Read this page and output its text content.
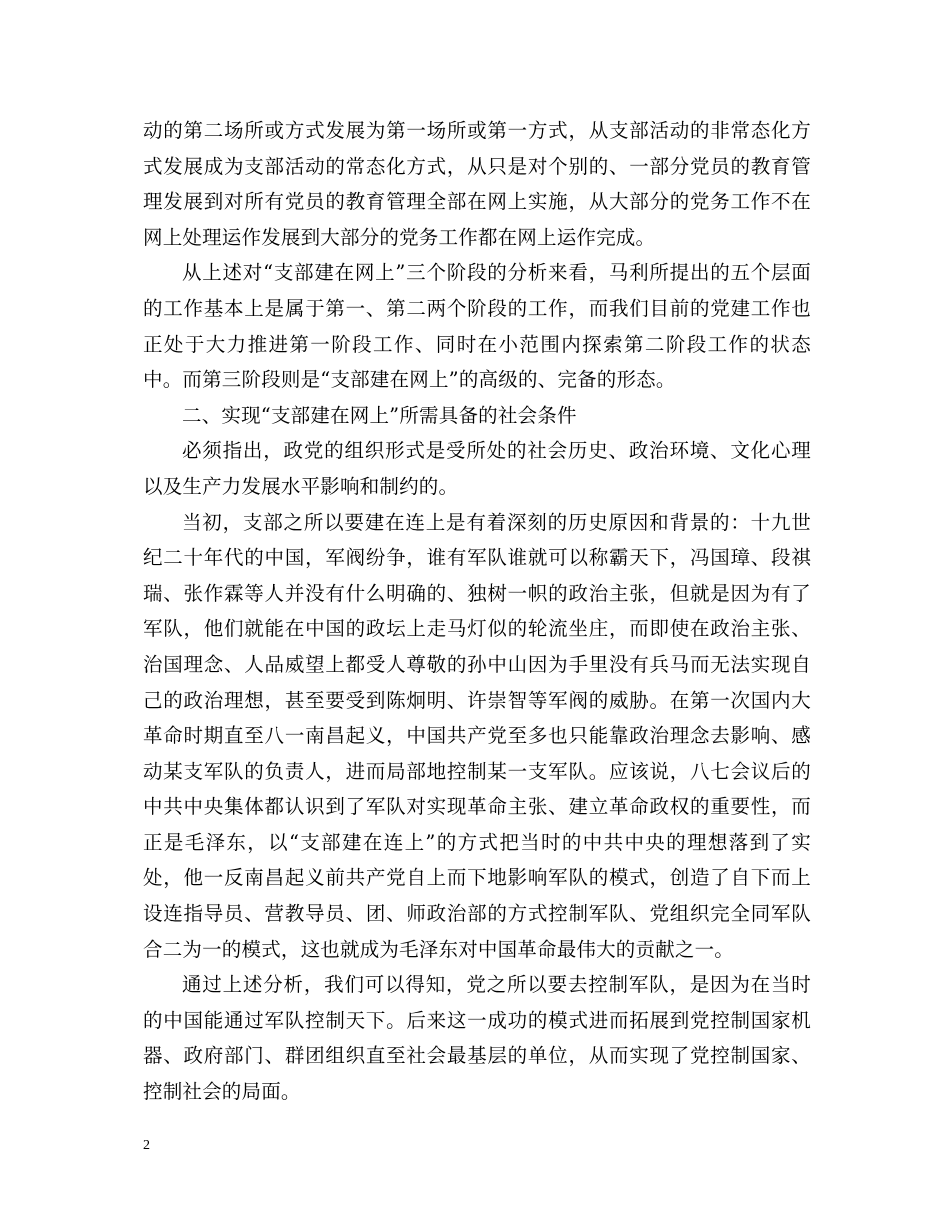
动的第二场所或方式发展为第一场所或第一方式，从支部活动的非常态化方式发展成为支部活动的常态化方式，从只是对个别的、一部分党员的教育管理发展到对所有党员的教育管理全部在网上实施，从大部分的党务工作不在网上处理运作发展到大部分的党务工作都在网上运作完成。

从上述对“支部建在网上”三个阶段的分析来看，马利所提出的五个层面的工作基本上是属于第一、第二两个阶段的工作，而我们目前的党建工作也正处于大力推进第一阶段工作、同时在小范围内探索第二阶段工作的状态中。而第三阶段则是“支部建在网上”的高级的、完备的形态。

二、实现“支部建在网上”所需具备的社会条件

必须指出，政党的组织形式是受所处的社会历史、政治环境、文化心理以及生产力发展水平影响和制约的。

当初，支部之所以要建在连上是有着深刻的历史原因和背景的：十九世纪二十年代的中国，军阀纷争，谁有军队谁就可以称霸天下，冯国璋、段祺瑞、张作霖等人并没有什么明确的、独树一帜的政治主张，但就是因为有了军队，他们就能在中国的政坛上走马灯似的轮流坐庄，而即使在政治主张、治国理念、人品威望上都受人尊敬的孙中山因为手里没有兵马而无法实现自己的政治理想，甚至要受到陈炯明、许崇智等军阀的威胁。在第一次国内大革命时期直至八一南昌起义，中国共产党至多也只能靠政治理念去影响、感动某支军队的负责人，进而局部地控制某一支军队。应该说，八七会议后的中共中央集体都认识到了军队对实现革命主张、建立革命政权的重要性，而正是毛泽东，以“支部建在连上”的方式把当时的中共中央的理想落到了实处，他一反南昌起义前共产党自上而下地影响军队的模式，创造了自下而上设连指导员、营教导员、团、师政治部的方式控制军队、党组织完全同军队合二为一的模式，这也就成为毛泽东对中国革命最伟大的贡献之一。

通过上述分析，我们可以得知，党之所以要去控制军队，是因为在当时的中国能通过军队控制天下。后来这一成功的模式进而拓展到党控制国家机器、政府部门、群团组织直至社会最基层的单位，从而实现了党控制国家、控制社会的局面。

2
